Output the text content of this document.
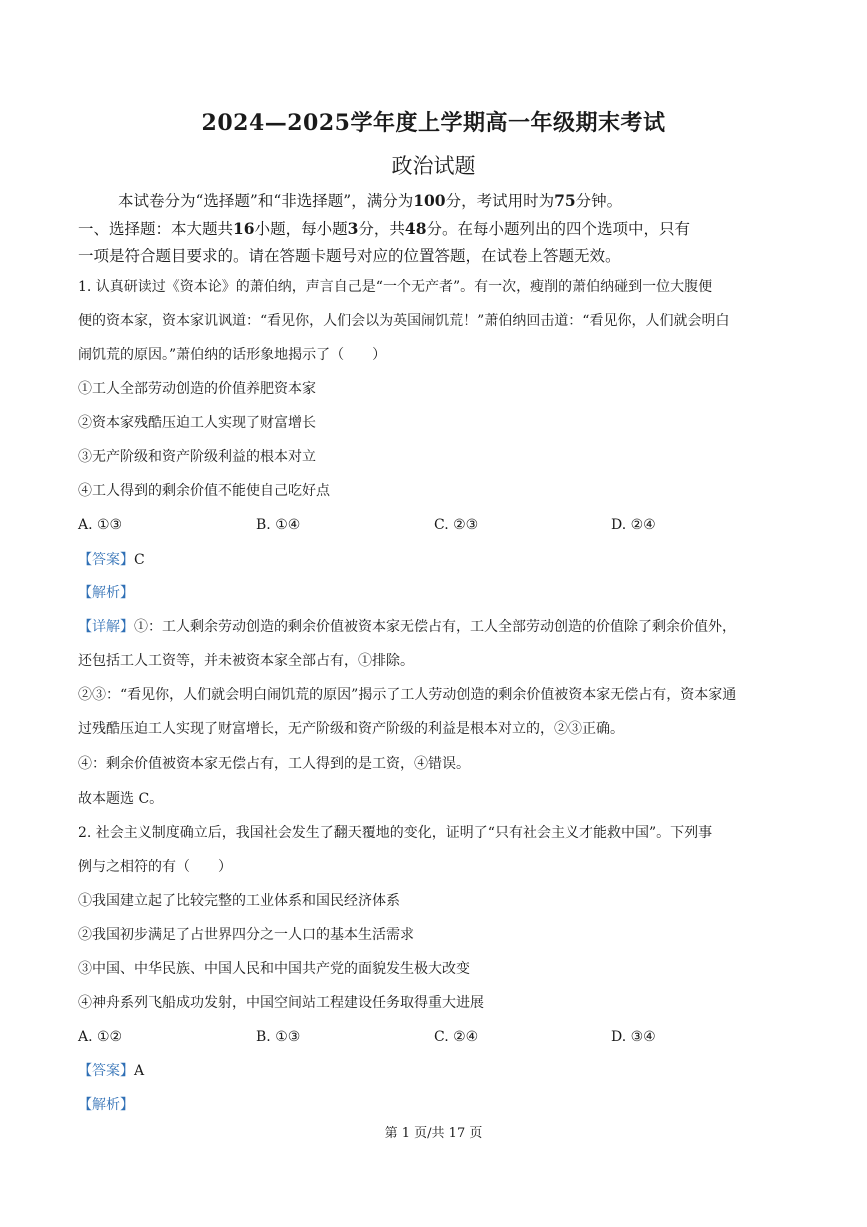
2024—2025学年度上学期高一年级期末考试
政治试题
本试卷分为“选择题”和“非选择题”，满分为100分，考试用时为75分钟。
一、选择题：本大题共16小题，每小题3分，共48分。在每小题列出的四个选项中，只有
一项是符合题目要求的。请在答题卡题号对应的位置答题，在试卷上答题无效。
1. 认真研读过《资本论》的萧伯纳，声言自己是“一个无产者”。有一次，瘦削的萧伯纳碰到一位大腹便
便的资本家，资本家讥讽道：“看见你，人们会以为英国闹饥荒！”萧伯纳回击道：“看见你，人们就会明白
闹饥荒的原因。”萧伯纳的话形象地揭示了（　　）
①工人全部劳动创造的价值养肥资本家
②资本家残酷压迫工人实现了财富增长
③无产阶级和资产阶级利益的根本对立
④工人得到的剩余价值不能使自己吃好点
A. ①③	B. ①④	C. ②③	D. ②④
【答案】C
【解析】
【详解】①：工人剩余劳动创造的剩余价值被资本家无偿占有，工人全部劳动创造的价值除了剩余价值外，
还包括工人工资等，并未被资本家全部占有，①排除。
②③：“看见你，人们就会明白闹饥荒的原因”揭示了工人劳动创造的剩余价值被资本家无偿占有，资本家通
过残酷压迫工人实现了财富增长，无产阶级和资产阶级的利益是根本对立的，②③正确。
④：剩余价值被资本家无偿占有，工人得到的是工资，④错误。
故本题选 C。
2. 社会主义制度确立后，我国社会发生了翻天覆地的变化，证明了“只有社会主义才能救中国”。下列事
例与之相符的有（　　）
①我国建立起了比较完整的工业体系和国民经济体系
②我国初步满足了占世界四分之一人口的基本生活需求
③中国、中华民族、中国人民和中国共产党的面貌发生极大改变
④神舟系列飞船成功发射，中国空间站工程建设任务取得重大进展
A. ①②	B. ①③	C. ②④	D. ③④
【答案】A
【解析】
第 1 页/共 17 页
